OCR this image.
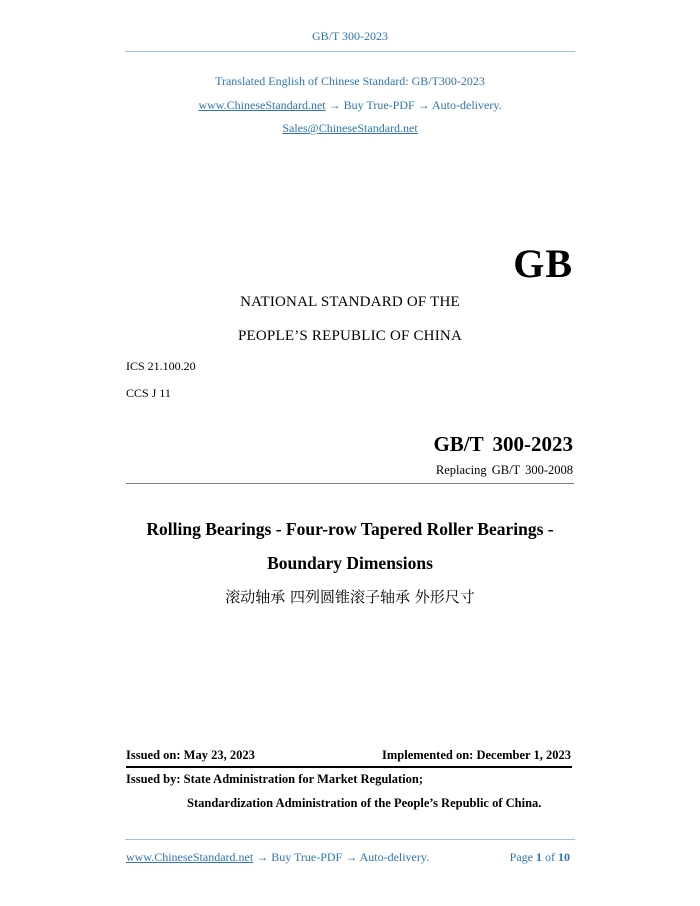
GB/T 300-2023
Translated English of Chinese Standard: GB/T300-2023
www.ChineseStandard.net → Buy True-PDF → Auto-delivery.
Sales@ChineseStandard.net
GB
NATIONAL STANDARD OF THE
PEOPLE’S REPUBLIC OF CHINA
ICS 21.100.20
CCS J 11
GB/T 300-2023
Replacing GB/T 300-2008
Rolling Bearings - Four-row Tapered Roller Bearings -
Boundary Dimensions
滚动轴承 四列圆锥滚子轴承 外形尺寸
Issued on: May 23, 2023	Implemented on: December 1, 2023
Issued by: State Administration for Market Regulation;
Standardization Administration of the People’s Republic of China.
www.ChineseStandard.net → Buy True-PDF → Auto-delivery.	Page 1 of 10
